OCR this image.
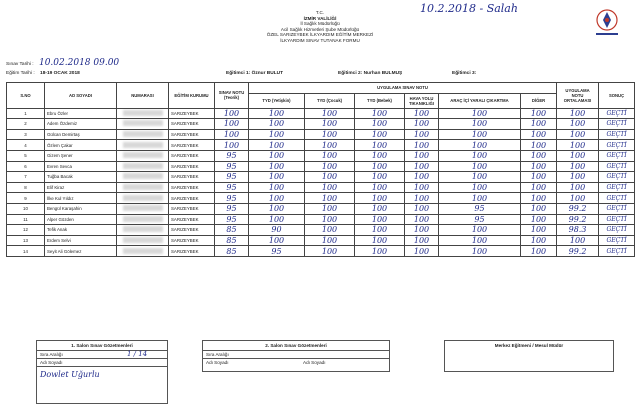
10.2.2018 - Salah
T.C.
İZMİR VALİLİĞİ
İl Sağlık Müdürlüğü
Acil Sağlık Hizmetleri Şube Müdürlüğü
ÖZEL SARIZEYBEK İLKYARDIM EĞİTİM MERKEZİ
İLKYARDIM SINAV TUTANAK FORMU
Sınav Tarihi : 10.02.2018 09.00
Eğitim Tarihi : 18-19 OCAK 2018	Eğitimci 1: Öznur BULUT	Eğitimci 2: Nurhan BULMUŞ	Eğitimci 3:
S.NO	AD SOYADI	NUMARASI	EĞİTİM KURUMU	SINAV NOTU (Teorik)	UYGULAMA SINAV NOTU						UYGULAMA NOTU ORTALAMASI	SONUÇ
					TYD (Yetişkin)	TYD (Çocuk)	TYD (Bebek)	HAVA YOLU TIKANIKLIĞI	ARAÇ İÇİ YARALI ÇIKARTMA	DİĞER		
1	Ebru Özler		SARIZEYBEK	100	100	100	100	100	100	100	100	GEÇTİ
2	Adem Özdemiz		SARIZEYBEK	100	100	100	100	100	100	100	100	GEÇTİ
3	Gülcan Demirtaş		SARIZEYBEK	100	100	100	100	100	100	100	100	GEÇTİ
4	Özlem Çakar		SARIZEYBEK	100	100	100	100	100	100	100	100	GEÇTİ
5	Gizem Şener		SARIZEYBEK	95	100	100	100	100	100	100	100	GEÇTİ
6	Evren Sevca		SARIZEYBEK	95	100	100	100	100	100	100	100	GEÇTİ
7	Tuğba Bacak		SARIZEYBEK	95	100	100	100	100	100	100	100	GEÇTİ
8	Elif Kiraz		SARIZEYBEK	95	100	100	100	100	100	100	100	GEÇTİ
9	İlke Kul Yıldız		SARIZEYBEK	95	100	100	100	100	100	100	100	GEÇTİ
10	Bengül Karaşahin		SARIZEYBEK	95	100	100	100	100	95	100	99.2	GEÇTİ
11	Alper Gözden		SARIZEYBEK	95	100	100	100	100	95	100	99.2	GEÇTİ
12	Tefik Anak		SARIZEYBEK	85	90	100	100	100	100	100	98.3	GEÇTİ
13	Erdem Selvi		SARIZEYBEK	85	100	100	100	100	100	100	100	GEÇTİ
14	Seyit Ali Gölemez		SARIZEYBEK	85	95	100	100	100	100	100	99.2	GEÇTİ
1. Salon Sınav Gözetmenleri
Sıra Aralığı	1 / 14
Adı Soyadı
Dowlet Uğurlu
2. Salon Sınav Gözetmenleri
Sıra Aralığı
Adı Soyadı	Adı Soyadı
Merkez Eğitmeni / Mesul Müdür
